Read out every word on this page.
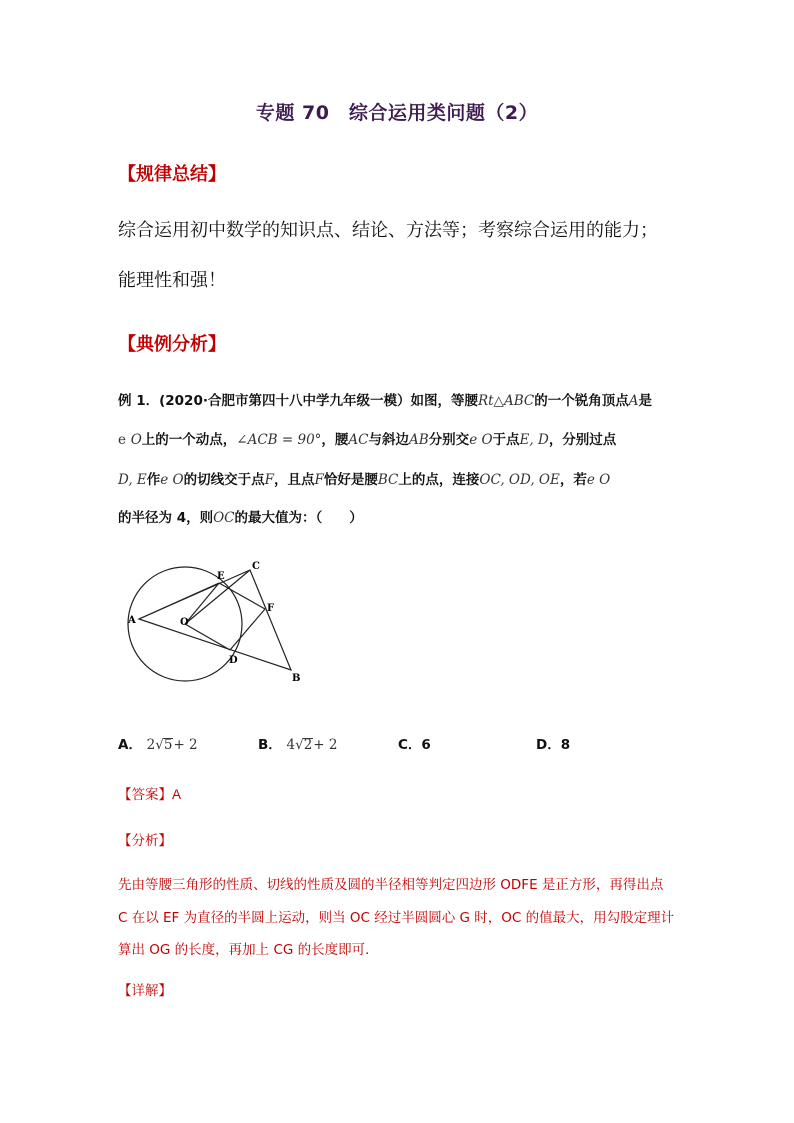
专题 70　综合运用类问题（2）
【规律总结】
综合运用初中数学的知识点、结论、方法等；考察综合运用的能力；
能理性和强！
【典例分析】
例 1．(2020·合肥市第四十八中学九年级一模）如图，等腰Rt△ABC的一个锐角顶点A是
e O上的一个动点，∠ACB = 90°，腰AC与斜边AB分别交e O于点E, D，分别过点
D, E作e O的切线交于点F，且点F恰好是腰BC上的点，连接OC, OD, OE，若e O
的半径为 4，则OC的最大值为：（　　）
A
B
C
D
E
F
O
A． 2√5+ 2	B． 4√2+ 2	C．6	D．8
【答案】A
【分析】
先由等腰三角形的性质、切线的性质及圆的半径相等判定四边形 ODFE 是正方形，再得出点
C 在以 EF 为直径的半圆上运动，则当 OC 经过半圆圆心 G 时，OC 的值最大，用勾股定理计
算出 OG 的长度，再加上 CG 的长度即可．
【详解】
